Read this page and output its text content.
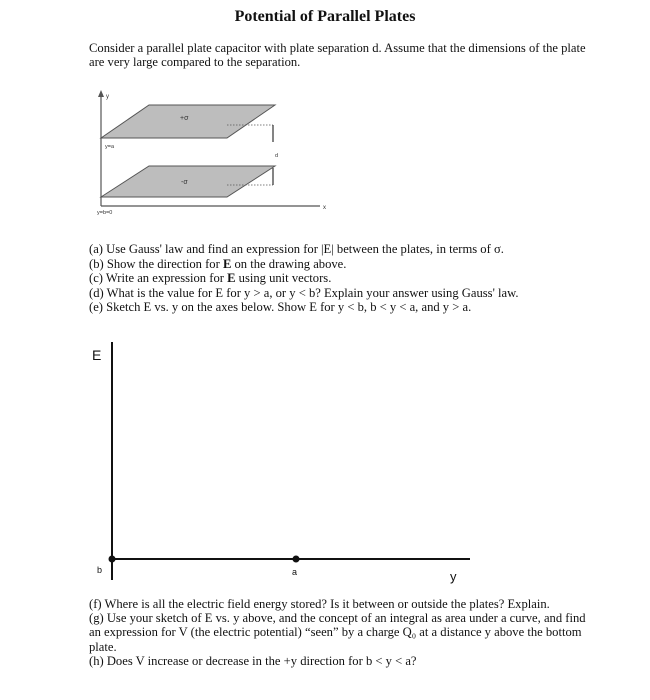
Potential of Parallel Plates
Consider a parallel plate capacitor with plate separation d. Assume that the dimensions of the plate are very large compared to the separation.
y
x
+σ
-σ
y=a
y=b=0
d
(a) Use Gauss' law and find an expression for |E| between the plates, in terms of σ.
(b) Show the direction for E on the drawing above.
(c) Write an expression for E using unit vectors.
(d) What is the value for E for y > a, or y < b? Explain your answer using Gauss' law.
(e) Sketch E vs. y on the axes below. Show E for y < b, b < y < a, and y > a.
E
b	a	y
(f) Where is all the electric field energy stored? Is it between or outside the plates? Explain.
(g) Use your sketch of E vs. y above, and the concept of an integral as area under a curve, and find an expression for V (the electric potential) “seen” by a charge Q₀ at a distance y above the bottom plate.
(h) Does V increase or decrease in the +y direction for b < y < a?
